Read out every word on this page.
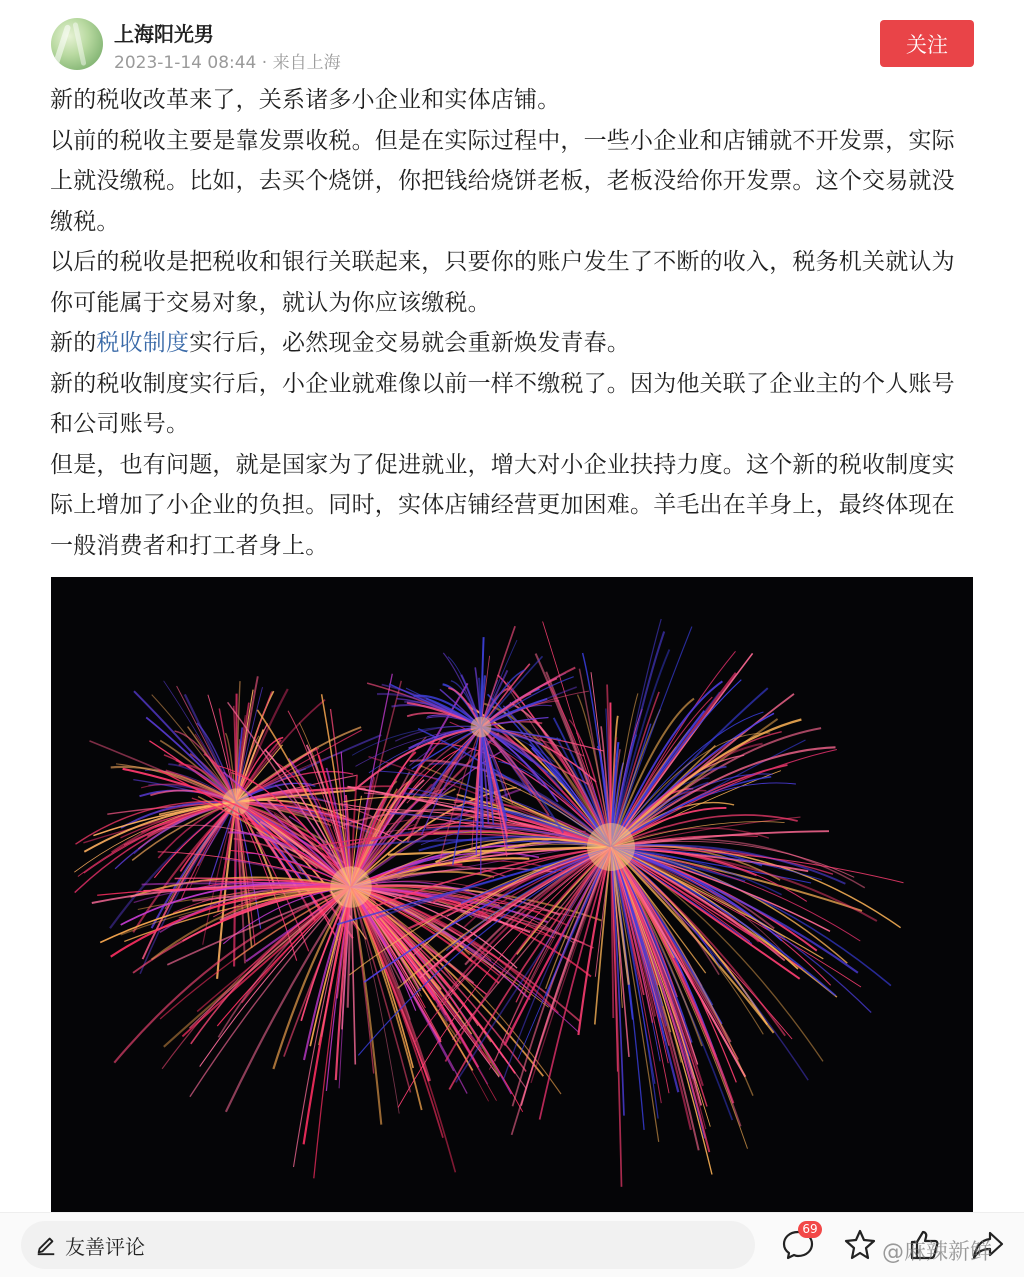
上海阳光男
2023-1-14 08:44 · 来自上海
关注

新的税收改革来了，关系诸多小企业和实体店铺。

以前的税收主要是靠发票收税。但是在实际过程中，一些小企业和店铺就不开发票，实际上就没缴税。比如，去买个烧饼，你把钱给烧饼老板，老板没给你开发票。这个交易就没缴税。

以后的税收是把税收和银行关联起来，只要你的账户发生了不断的收入，税务机关就认为你可能属于交易对象，就认为你应该缴税。

新的税收制度实行后，必然现金交易就会重新焕发青春。

新的税收制度实行后，小企业就难像以前一样不缴税了。因为他关联了企业主的个人账号和公司账号。

但是，也有问题，就是国家为了促进就业，增大对小企业扶持力度。这个新的税收制度实际上增加了小企业的负担。同时，实体店铺经营更加困难。羊毛出在羊身上，最终体现在一般消费者和打工者身上。

友善评论
69
@麻辣新鲜
